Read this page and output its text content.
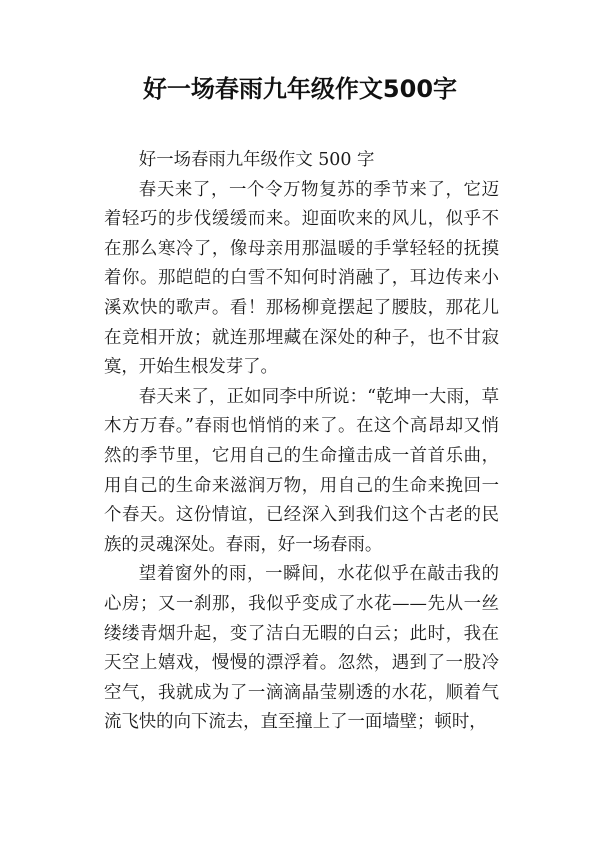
好一场春雨九年级作文500字

好一场春雨九年级作文 500 字

春天来了，一个令万物复苏的季节来了，它迈着轻巧的步伐缓缓而来。迎面吹来的风儿，似乎不在那么寒冷了，像母亲用那温暖的手掌轻轻的抚摸着你。那皑皑的白雪不知何时消融了，耳边传来小溪欢快的歌声。看！那杨柳竟摆起了腰肢，那花儿在竞相开放；就连那埋藏在深处的种子，也不甘寂寞，开始生根发芽了。

春天来了，正如同李中所说：“乾坤一大雨，草木方万春。”春雨也悄悄的来了。在这个高昂却又悄然的季节里，它用自己的生命撞击成一首首乐曲，用自己的生命来滋润万物，用自己的生命来挽回一个春天。这份情谊，已经深入到我们这个古老的民族的灵魂深处。春雨，好一场春雨。

望着窗外的雨，一瞬间，水花似乎在敲击我的心房；又一刹那，我似乎变成了水花——先从一丝缕缕青烟升起，变了洁白无暇的白云；此时，我在天空上嬉戏，慢慢的漂浮着。忽然，遇到了一股冷空气，我就成为了一滴滴晶莹剔透的水花，顺着气流飞快的向下流去，直至撞上了一面墙壁；顿时，
